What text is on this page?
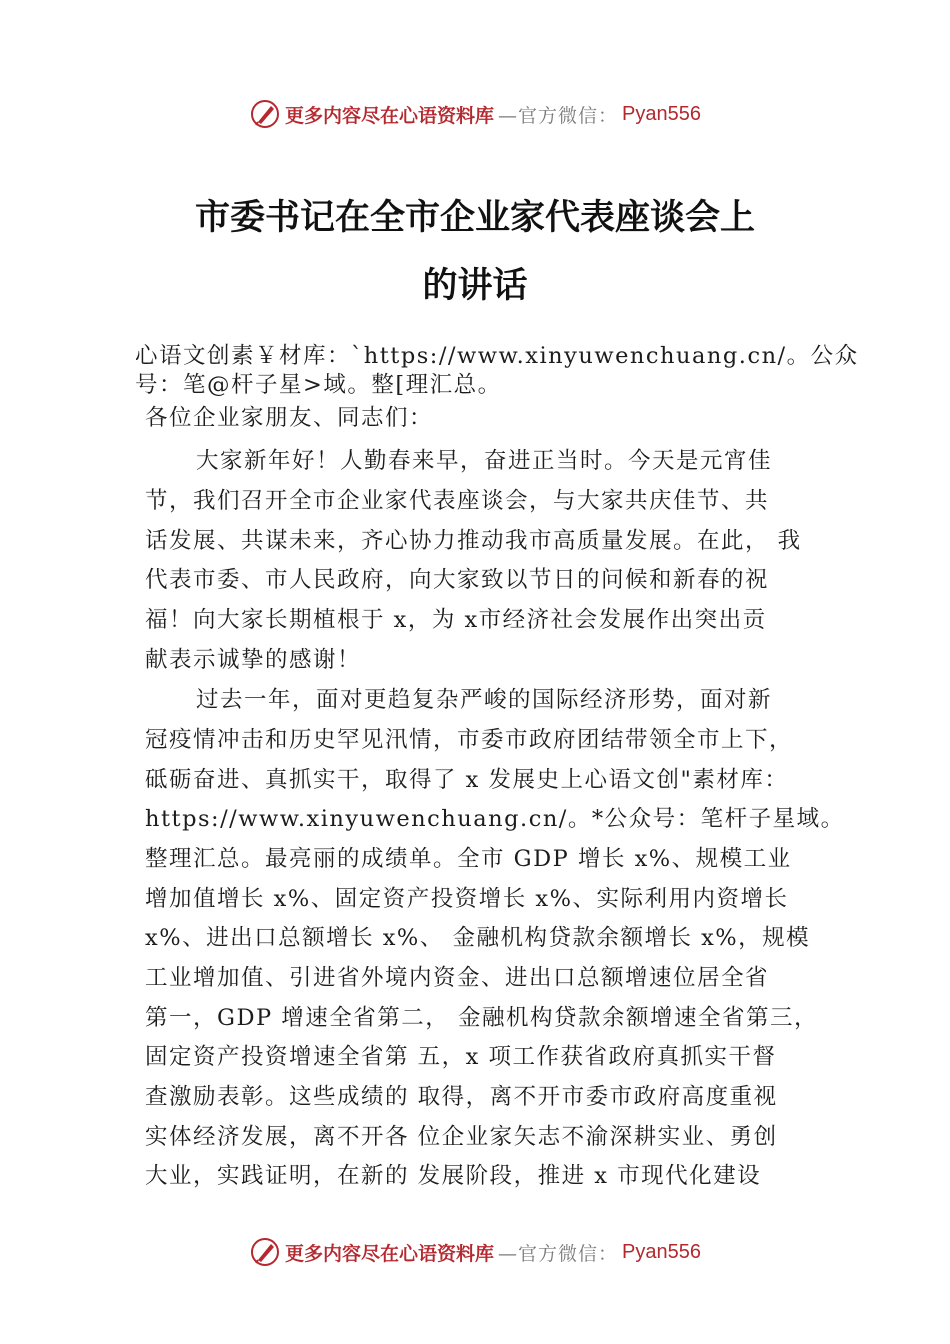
更多内容尽在心语资料库 —官方微信： Pyan556
市委书记在全市企业家代表座谈会上
的讲话
心语文创素￥材库：`https://www.xinyuwenchuang.cn/。公众
号：笔@杆子星>域。整[理汇总。
各位企业家朋友、同志们：
大家新年好！人勤春来早，奋进正当时。今天是元宵佳
节，我们召开全市企业家代表座谈会，与大家共庆佳节、共
话发展、共谋未来，齐心协力推动我市高质量发展。在此， 我
代表市委、市人民政府，向大家致以节日的问候和新春的祝
福！向大家长期植根于 x，为 x市经济社会发展作出突出贡
献表示诚挚的感谢！
过去一年，面对更趋复杂严峻的国际经济形势，面对新
冠疫情冲击和历史罕见汛情，市委市政府团结带领全市上下，
砥砺奋进、真抓实干，取得了 x 发展史上心语文创"素材库：
https://www.xinyuwenchuang.cn/。*公众号：笔杆子星域。
整理汇总。最亮丽的成绩单。全市 GDP 增长 x%、规模工业
增加值增长 x%、固定资产投资增长 x%、实际利用内资增长
x%、进出口总额增长 x%、 金融机构贷款余额增长 x%，规模
工业增加值、引进省外境内资金、进出口总额增速位居全省
第一，GDP 增速全省第二， 金融机构贷款余额增速全省第三，
固定资产投资增速全省第 五，x 项工作获省政府真抓实干督
查激励表彰。这些成绩的 取得，离不开市委市政府高度重视
实体经济发展，离不开各 位企业家矢志不渝深耕实业、勇创
大业，实践证明，在新的 发展阶段，推进 x 市现代化建设
更多内容尽在心语资料库 —官方微信： Pyan556
